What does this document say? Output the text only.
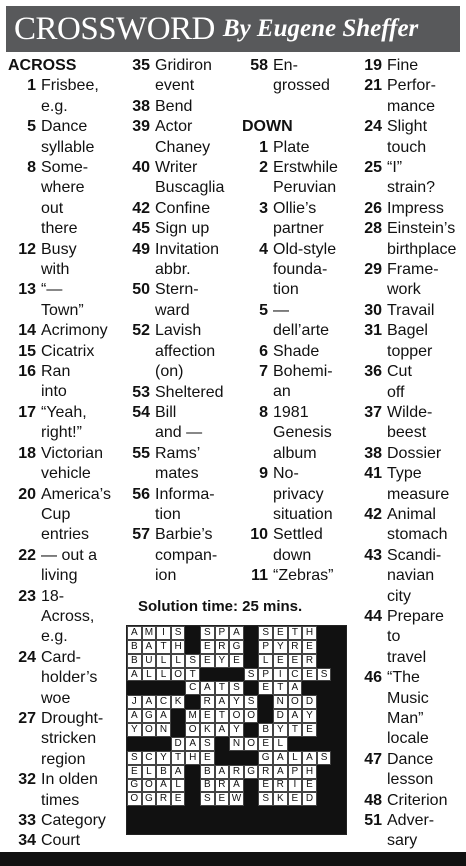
CROSSWORD By Eugene Sheffer
ACROSS
1 Frisbee,
e.g.
5 Dance
syllable
8 Some-
where
out
there
12 Busy
with
13 “—
Town”
14 Acrimony
15 Cicatrix
16 Ran
into
17 “Yeah,
right!”
18 Victorian
vehicle
20 America’s
Cup
entries
22 — out a
living
23 18-
Across,
e.g.
24 Card-
holder’s
woe
27 Drought-
stricken
region
32 In olden
times
33 Category
34 Court
35 Gridiron
event
38 Bend
39 Actor
Chaney
40 Writer
Buscaglia
42 Confine
45 Sign up
49 Invitation
abbr.
50 Stern-
ward
52 Lavish
affection
(on)
53 Sheltered
54 Bill
and —
55 Rams’
mates
56 Informa-
tion
57 Barbie’s
compan-
ion
58 En-
grossed
DOWN
1 Plate
2 Erstwhile
Peruvian
3 Ollie’s
partner
4 Old-style
founda-
tion
5 —
dell’arte
6 Shade
7 Bohemi-
an
8 1981
Genesis
album
9 No-
privacy
situation
10 Settled
down
11 “Zebras”
19 Fine
21 Perfor-
mance
24 Slight
touch
25 “I”
strain?
26 Impress
28 Einstein’s
birthplace
29 Frame-
work
30 Travail
31 Bagel
topper
36 Cut
off
37 Wilde-
beest
38 Dossier
41 Type
measure
42 Animal
stomach
43 Scandi-
navian
city
44 Prepare
to
travel
46 “The
Music
Man”
locale
47 Dance
lesson
48 Criterion
51 Adver-
sary
Solution time: 25 mins.
A M I S	S P A	S E T H
B A T H	E R G	P Y R E
B U L L S E Y E	L E E R
A L L O T	S P I C E S
C A T S	E T A
J A C K	R A Y S	N O D
A G A	M E T O O	D A Y
Y O N	O K A Y	B Y T E
D A S	N O E L
S C Y T H E	G A L A S
E L B A	B A R G R A P H
G O A L	B R A	E R I E
O G R E	S E W	S K E D
